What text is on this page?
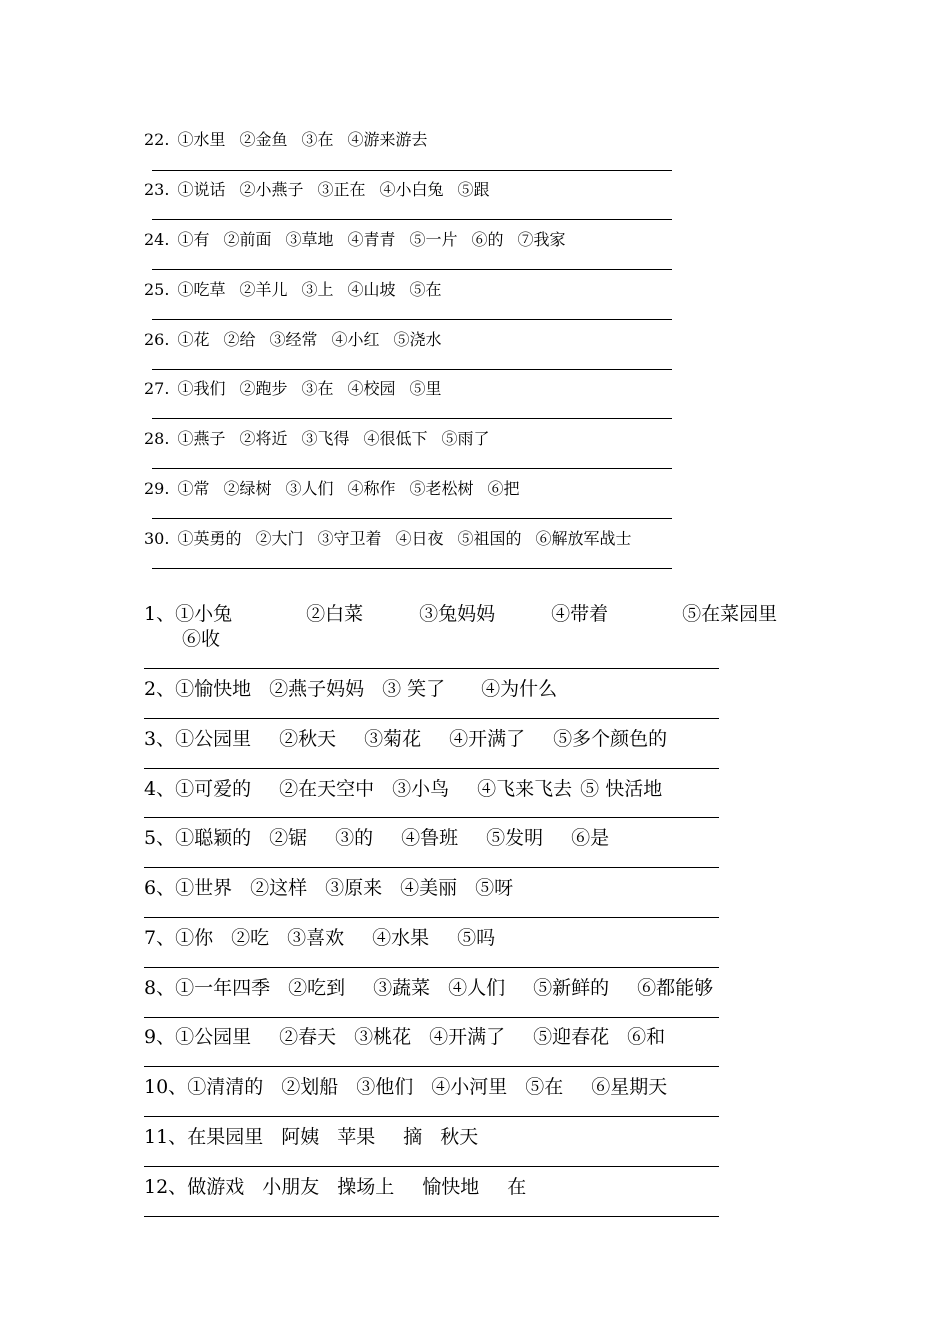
22. ①水里 ②金鱼 ③在 ④游来游去
23. ①说话 ②小燕子 ③正在 ④小白兔 ⑤跟
24. ①有 ②前面 ③草地 ④青青 ⑤一片 ⑥的 ⑦我家
25. ①吃草 ②羊儿 ③上 ④山坡 ⑤在
26. ①花 ②给 ③经常 ④小红 ⑤浇水
27. ①我们 ②跑步 ③在 ④校园 ⑤里
28. ①燕子 ②将近 ③飞得 ④很低下 ⑤雨了
29. ①常 ②绿树 ③人们 ④称作 ⑤老松树 ⑥把
30. ①英勇的 ②大门 ③守卫着 ④日夜 ⑤祖国的 ⑥解放军战士
1、①小兔	②白菜	③兔妈妈	④带着	⑤在菜园里
⑥收
2、①愉快地 ②燕子妈妈 ③ 笑了 ④为什么
3、①公园里 ②秋天 ③菊花 ④开满了 ⑤多个颜色的
4、①可爱的 ②在天空中 ③小鸟 ④飞来飞去 ⑤ 快活地
5、①聪颖的 ②锯 ③的 ④鲁班 ⑤发明 ⑥是
6、①世界 ②这样 ③原来 ④美丽 ⑤呀
7、①你 ②吃 ③喜欢 ④水果 ⑤吗
8、①一年四季 ②吃到 ③蔬菜 ④人们 ⑤新鲜的 ⑥都能够
9、①公园里 ②春天 ③桃花 ④开满了 ⑤迎春花 ⑥和
10、①清清的 ②划船 ③他们 ④小河里 ⑤在 ⑥星期天
11、在果园里 阿姨 苹果 摘 秋天
12、做游戏 小朋友 操场上 愉快地 在
